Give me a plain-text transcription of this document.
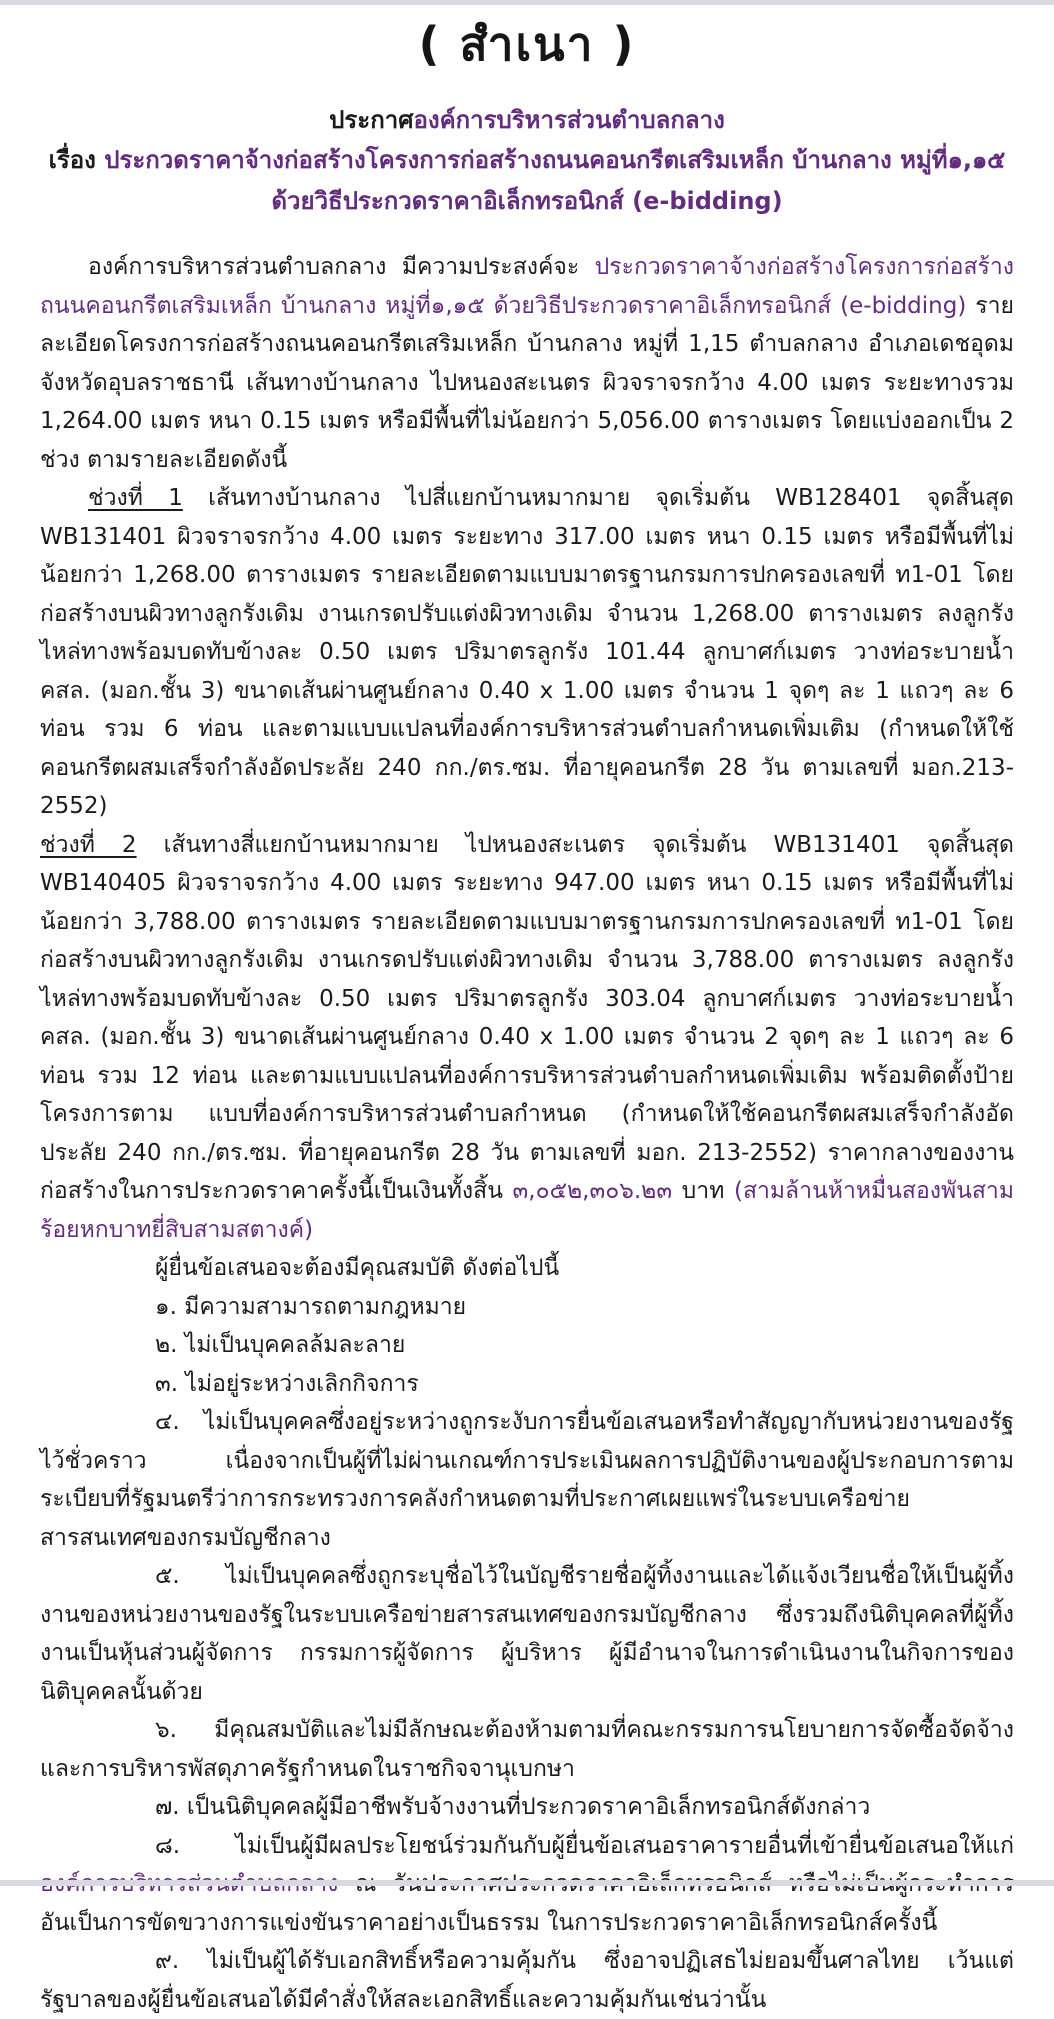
( สำเนา )
ประกาศองค์การบริหารส่วนตำบลกลาง
เรื่อง ประกวดราคาจ้างก่อสร้างโครงการก่อสร้างถนนคอนกรีตเสริมเหล็ก บ้านกลาง หมู่ที่๑,๑๕ ด้วยวิธีประกวดราคาอิเล็กทรอนิกส์ (e-bidding)

องค์การบริหารส่วนตำบลกลาง มีความประสงค์จะ ประกวดราคาจ้างก่อสร้างโครงการก่อสร้างถนนคอนกรีตเสริมเหล็ก บ้านกลาง หมู่ที่๑,๑๕ ด้วยวิธีประกวดราคาอิเล็กทรอนิกส์ (e-bidding) รายละเอียดโครงการก่อสร้างถนนคอนกรีตเสริมเหล็ก บ้านกลาง หมู่ที่ 1,15 ตำบลกลาง อำเภอเดชอุดม จังหวัดอุบลราชธานี เส้นทางบ้านกลาง ไปหนองสะเนตร ผิวจราจรกว้าง 4.00 เมตร ระยะทางรวม 1,264.00 เมตร หนา 0.15 เมตร หรือมีพื้นที่ไม่น้อยกว่า 5,056.00 ตารางเมตร โดยแบ่งออกเป็น 2 ช่วง ตามรายละเอียดดังนี้

ช่วงที่ 1 เส้นทางบ้านกลาง ไปสี่แยกบ้านหมากมาย จุดเริ่มต้น WB128401 จุดสิ้นสุด WB131401 ผิวจราจรกว้าง 4.00 เมตร ระยะทาง 317.00 เมตร หนา 0.15 เมตร หรือมีพื้นที่ไม่น้อยกว่า 1,268.00 ตารางเมตร รายละเอียดตามแบบมาตรฐานกรมการปกครองเลขที่ ท1-01 โดยก่อสร้างบนผิวทางลูกรังเดิม งานเกรดปรับแต่งผิวทางเดิม จำนวน 1,268.00 ตารางเมตร ลงลูกรังไหล่ทางพร้อมบดทับข้างละ 0.50 เมตร ปริมาตรลูกรัง 101.44 ลูกบาศก์เมตร วางท่อระบายน้ำ คสล. (มอก.ชั้น 3) ขนาดเส้นผ่านศูนย์กลาง 0.40 x 1.00 เมตร จำนวน 1 จุดๆ ละ 1 แถวๆ ละ 6 ท่อน รวม 6 ท่อน และตามแบบแปลนที่องค์การบริหารส่วนตำบลกำหนดเพิ่มเติม (กำหนดให้ใช้คอนกรีตผสมเสร็จกำลังอัดประลัย 240 กก./ตร.ซม. ที่อายุคอนกรีต 28 วัน ตามเลขที่ มอก.213-2552)

ช่วงที่ 2 เส้นทางสี่แยกบ้านหมากมาย ไปหนองสะเนตร จุดเริ่มต้น WB131401 จุดสิ้นสุด WB140405 ผิวจราจรกว้าง 4.00 เมตร ระยะทาง 947.00 เมตร หนา 0.15 เมตร หรือมีพื้นที่ไม่น้อยกว่า 3,788.00 ตารางเมตร รายละเอียดตามแบบมาตรฐานกรมการปกครองเลขที่ ท1-01 โดยก่อสร้างบนผิวทางลูกรังเดิม งานเกรดปรับแต่งผิวทางเดิม จำนวน 3,788.00 ตารางเมตร ลงลูกรังไหล่ทางพร้อมบดทับข้างละ 0.50 เมตร ปริมาตรลูกรัง 303.04 ลูกบาศก์เมตร วางท่อระบายน้ำ คสล. (มอก.ชั้น 3) ขนาดเส้นผ่านศูนย์กลาง 0.40 x 1.00 เมตร จำนวน 2 จุดๆ ละ 1 แถวๆ ละ 6 ท่อน รวม 12 ท่อน และตามแบบแปลนที่องค์การบริหารส่วนตำบลกำหนดเพิ่มเติม พร้อมติดตั้งป้ายโครงการตาม แบบที่องค์การบริหารส่วนตำบลกำหนด (กำหนดให้ใช้คอนกรีตผสมเสร็จกำลังอัดประลัย 240 กก./ตร.ซม. ที่อายุคอนกรีต 28 วัน ตามเลขที่ มอก. 213-2552) ราคากลางของงานก่อสร้างในการประกวดราคาครั้งนี้เป็นเงินทั้งสิ้น ๓,๐๕๒,๓๐๖.๒๓ บาท (สามล้านห้าหมื่นสองพันสามร้อยหกบาทยี่สิบสามสตางค์)

ผู้ยื่นข้อเสนอจะต้องมีคุณสมบัติ ดังต่อไปนี้

๑. มีความสามารถตามกฎหมาย

๒. ไม่เป็นบุคคลล้มละลาย

๓. ไม่อยู่ระหว่างเลิกกิจการ

๔. ไม่เป็นบุคคลซึ่งอยู่ระหว่างถูกระงับการยื่นข้อเสนอหรือทำสัญญากับหน่วยงานของรัฐไว้ชั่วคราว เนื่องจากเป็นผู้ที่ไม่ผ่านเกณฑ์การประเมินผลการปฏิบัติงานของผู้ประกอบการตามระเบียบที่รัฐมนตรีว่าการกระทรวงการคลังกำหนดตามที่ประกาศเผยแพร่ในระบบเครือข่ายสารสนเทศของกรมบัญชีกลาง

๕. ไม่เป็นบุคคลซึ่งถูกระบุชื่อไว้ในบัญชีรายชื่อผู้ทิ้งงานและได้แจ้งเวียนชื่อให้เป็นผู้ทิ้งงานของหน่วยงานของรัฐในระบบเครือข่ายสารสนเทศของกรมบัญชีกลาง ซึ่งรวมถึงนิติบุคคลที่ผู้ทิ้งงานเป็นหุ้นส่วนผู้จัดการ กรรมการผู้จัดการ ผู้บริหาร ผู้มีอำนาจในการดำเนินงานในกิจการของนิติบุคคลนั้นด้วย

๖. มีคุณสมบัติและไม่มีลักษณะต้องห้ามตามที่คณะกรรมการนโยบายการจัดซื้อจัดจ้างและการบริหารพัสดุภาครัฐกำหนดในราชกิจจานุเบกษา

๗. เป็นนิติบุคคลผู้มีอาชีพรับจ้างงานที่ประกวดราคาอิเล็กทรอนิกส์ดังกล่าว

๘. ไม่เป็นผู้มีผลประโยชน์ร่วมกันกับผู้ยื่นข้อเสนอราคารายอื่นที่เข้ายื่นข้อเสนอให้แก่ อันเป็นการขัดขวางการแข่งขันราคาอย่างเป็นธรรม ในการประกวดราคาอิเล็กทรอนิกส์ครั้งนี้

๙. ไม่เป็นผู้ได้รับเอกสิทธิ์หรือความคุ้มกัน ซึ่งอาจปฏิเสธไม่ยอมขึ้นศาลไทย เว้นแต่รัฐบาลของผู้ยื่นข้อเสนอได้มีคำสั่งให้สละเอกสิทธิ์และความคุ้มกันเช่นว่านั้น
